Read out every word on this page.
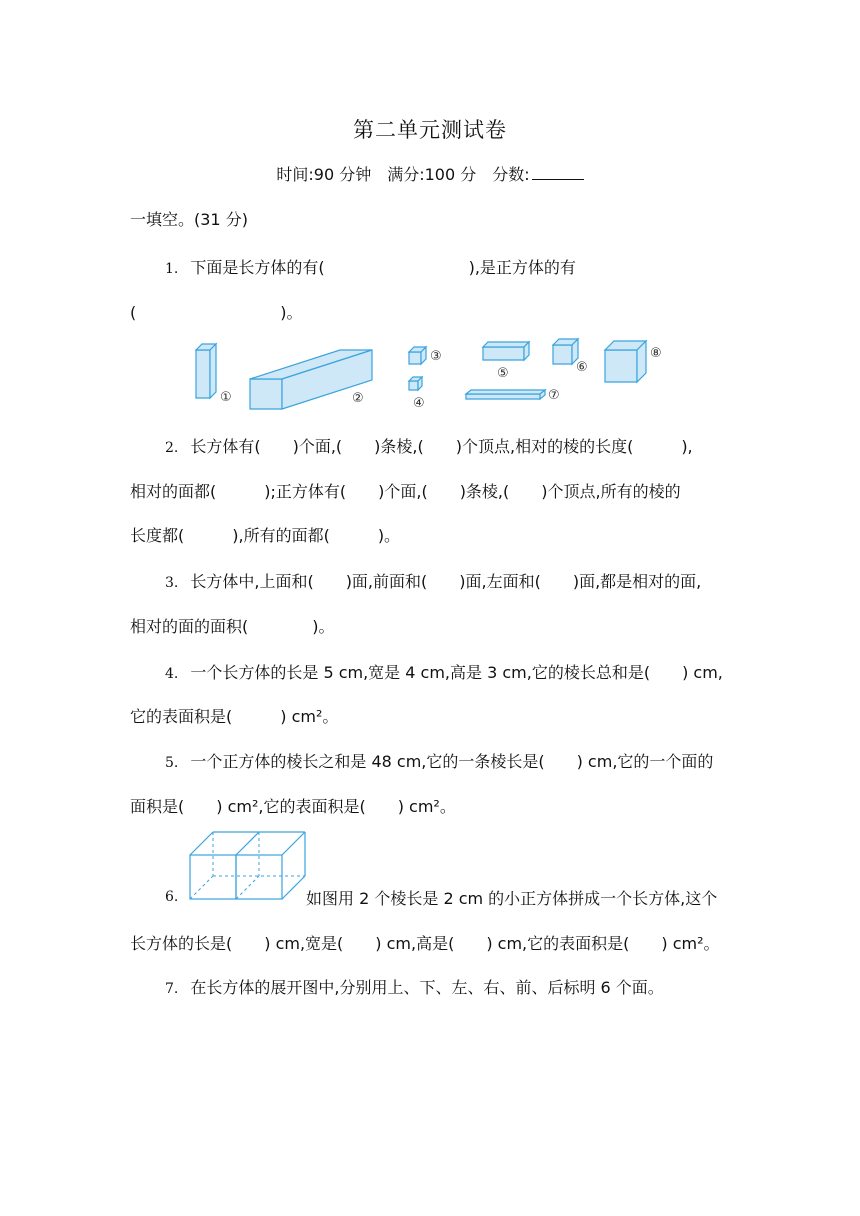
第二单元测试卷
时间:90 分钟　满分:100 分　分数:
一填空。(31 分)
1. 下面是长方体的有(　　　　　　　　　),是正方体的有
(　　　　　　　　　)。
①	②
③
④
⑤	⑥
⑦
⑧
2. 长方体有(　　)个面,(　　)条棱,(　　)个顶点,相对的棱的长度(　　　),
相对的面都(　　　);正方体有(　　)个面,(　　)条棱,(　　)个顶点,所有的棱的
长度都(　　　),所有的面都(　　　)。
3. 长方体中,上面和(　　)面,前面和(　　)面,左面和(　　)面,都是相对的面,
相对的面的面积(　　　　)。
4. 一个长方体的长是 5 cm,宽是 4 cm,高是 3 cm,它的棱长总和是(　　) cm,
它的表面积是(　　　) cm²。
5. 一个正方体的棱长之和是 48 cm,它的一条棱长是(　　) cm,它的一个面的
面积是(　　) cm²,它的表面积是(　　) cm²。
6.	如图用 2 个棱长是 2 cm 的小正方体拼成一个长方体,这个
长方体的长是(　　) cm,宽是(　　) cm,高是(　　) cm,它的表面积是(　　) cm²。
7. 在长方体的展开图中,分别用上、下、左、右、前、后标明 6 个面。
